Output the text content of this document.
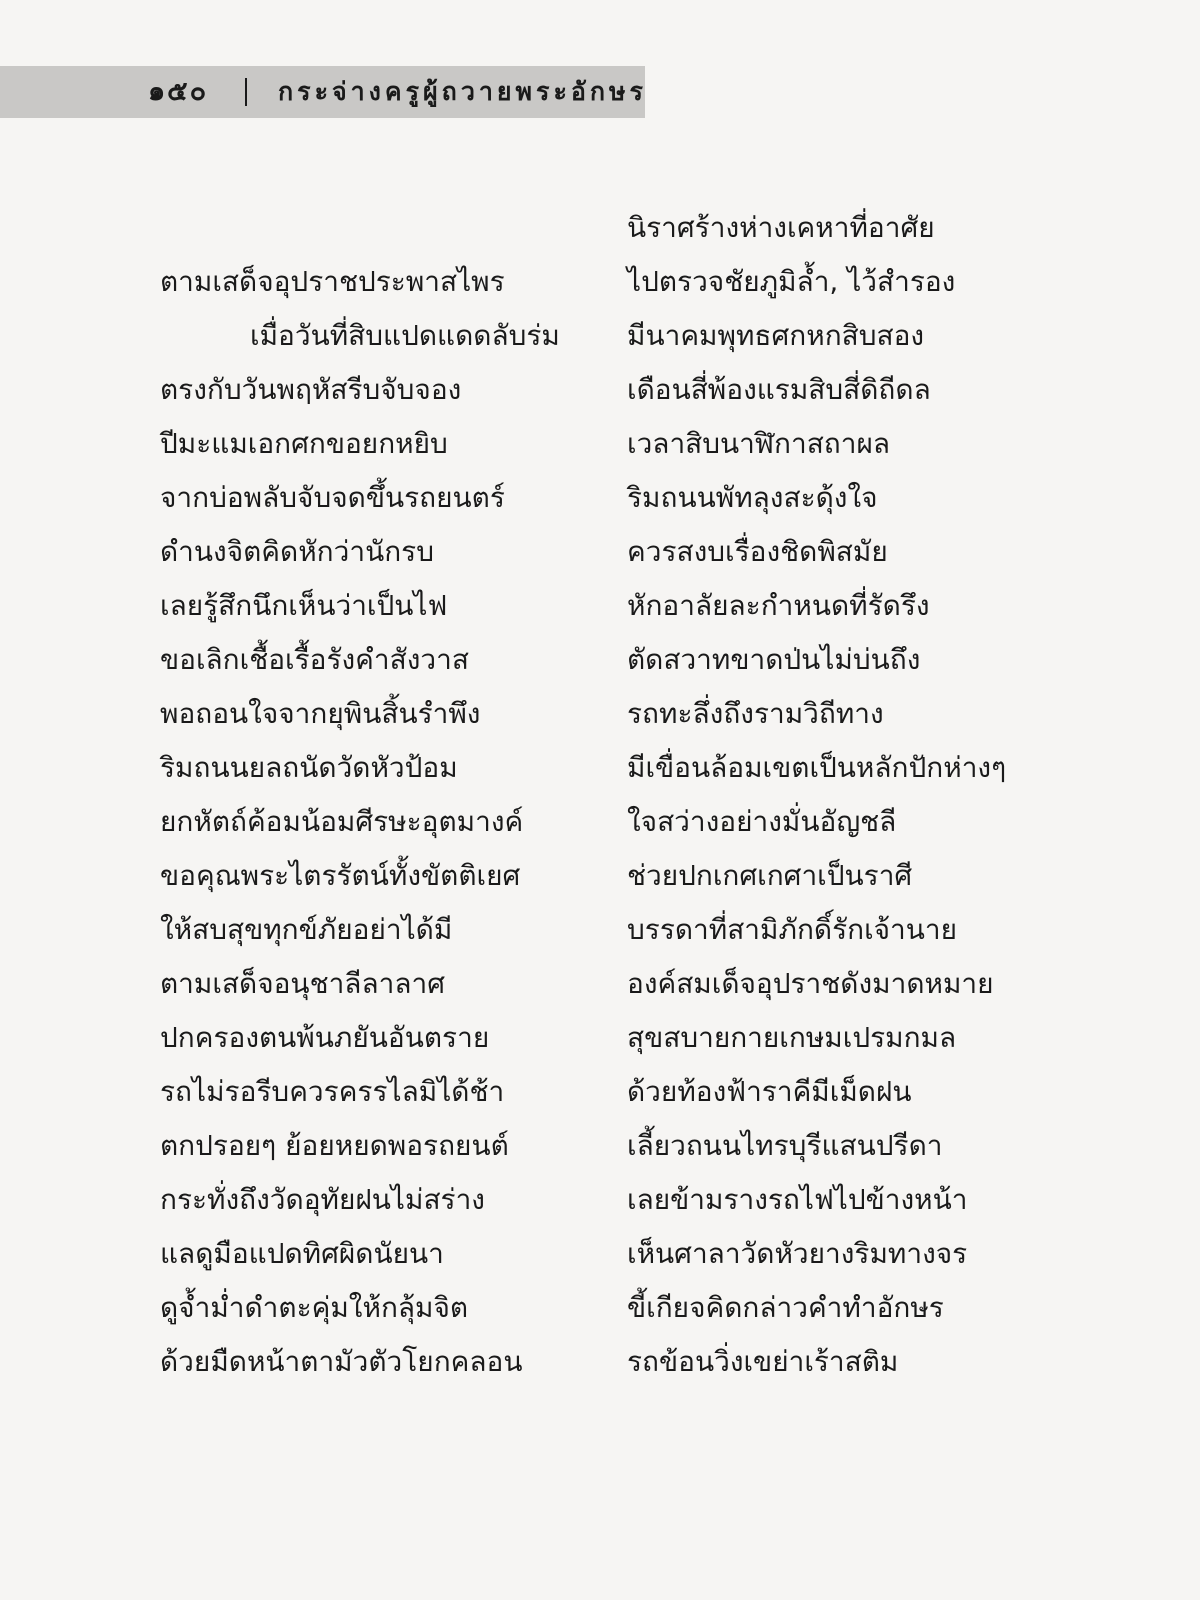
๑๕๐	กระจ่างครูผู้ถวายพระอักษร
ตามเสด็จอุปราชประพาสไพร
เมื่อวันที่สิบแปดแดดลับร่ม
ตรงกับวันพฤหัสรีบจับจอง
ปีมะแมเอกศกขอยกหยิบ
จากบ่อพลับจับจดขึ้นรถยนตร์
ดำนงจิตคิดหักว่านักรบ
เลยรู้สึกนึกเห็นว่าเป็นไฟ
ขอเลิกเชื้อเรื้อรังคำสังวาส
พอถอนใจจากยุพินสิ้นรำพึง
ริมถนนยลถนัดวัดหัวป้อม
ยกหัตถ์ค้อมน้อมศีรษะอุตมางค์
ขอคุณพระไตรรัตน์ทั้งขัตติเยศ
ให้สบสุขทุกข์ภัยอย่าได้มี
ตามเสด็จอนุชาลีลาลาศ
ปกครองตนพ้นภยันอันตราย
รถไม่รอรีบควรครรไลมิได้ช้า
ตกปรอยๆ ย้อยหยดพอรถยนต์
กระทั่งถึงวัดอุทัยฝนไม่สร่าง
แลดูมือแปดทิศผิดนัยนา
ดูจ้ำม่ำดำตะคุ่มให้กลุ้มจิต
ด้วยมืดหน้าตามัวตัวโยกคลอน
นิราศร้างห่างเคหาที่อาศัย
ไปตรวจชัยภูมิล้ำ, ไว้สำรอง
มีนาคมพุทธศกหกสิบสอง
เดือนสี่พ้องแรมสิบสี่ดิถีดล
เวลาสิบนาฬิกาสถาผล
ริมถนนพัทลุงสะดุ้งใจ
ควรสงบเรื่องชิดพิสมัย
หักอาลัยละกำหนดที่รัดรึง
ตัดสวาทขาดป่นไม่บ่นถึง
รถทะลึ่งถึงรามวิถีทาง
มีเขื่อนล้อมเขตเป็นหลักปักห่างๆ
ใจสว่างอย่างมั่นอัญชลี
ช่วยปกเกศเกศาเป็นราศี
บรรดาที่สามิภักดิ์รักเจ้านาย
องค์สมเด็จอุปราชดังมาดหมาย
สุขสบายกายเกษมเปรมกมล
ด้วยท้องฟ้าราคีมีเม็ดฝน
เลี้ยวถนนไทรบุรีแสนปรีดา
เลยข้ามรางรถไฟไปข้างหน้า
เห็นศาลาวัดหัวยางริมทางจร
ขี้เกียจคิดกล่าวคำทำอักษร
รถข้อนวิ่งเขย่าเร้าสติม
